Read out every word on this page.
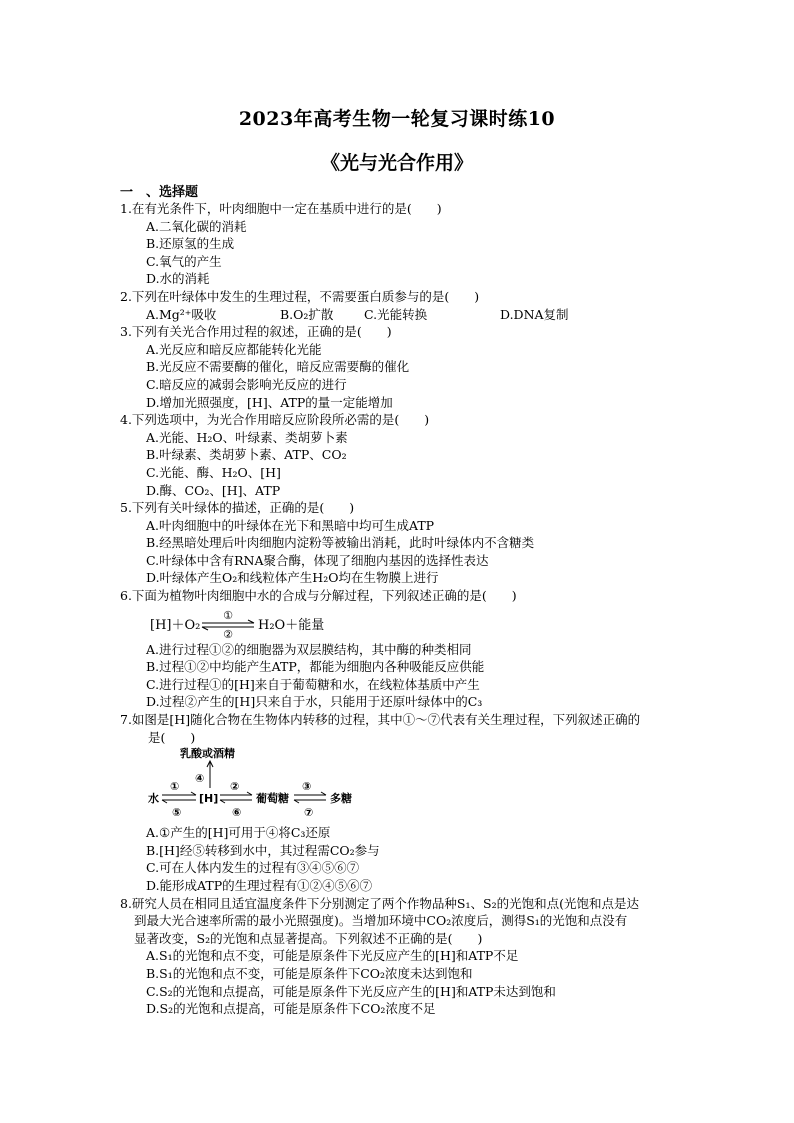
2023年高考生物一轮复习课时练10
《光与光合作用》
一　、选择题

1.在有光条件下，叶肉细胞中一定在基质中进行的是(　　)

A.二氧化碳的消耗

B.还原氢的生成

C.氧气的产生

D.水的消耗

2.下列在叶绿体中发生的生理过程，不需要蛋白质参与的是(　　)

A.Mg²⁺吸收	B.O₂扩散	C.光能转换	D.DNA复制

3.下列有关光合作用过程的叙述，正确的是(　　)

A.光反应和暗反应都能转化光能

B.光反应不需要酶的催化，暗反应需要酶的催化

C.暗反应的减弱会影响光反应的进行

D.增加光照强度，[H]、ATP的量一定能增加

4.下列选项中，为光合作用暗反应阶段所必需的是(　　)

A.光能、H₂O、叶绿素、类胡萝卜素

B.叶绿素、类胡萝卜素、ATP、CO₂

C.光能、酶、H₂O、[H]

D.酶、CO₂、[H]、ATP

5.下列有关叶绿体的描述，正确的是(　　)

A.叶肉细胞中的叶绿体在光下和黑暗中均可生成ATP

B.经黑暗处理后叶肉细胞内淀粉等被输出消耗，此时叶绿体内不含糖类

C.叶绿体中含有RNA聚合酶，体现了细胞内基因的选择性表达

D.叶绿体产生O₂和线粒体产生H₂O均在生物膜上进行

6.下面为植物叶肉细胞中水的合成与分解过程，下列叙述正确的是(　　)

[H]＋O₂
①
②
H₂O＋能量

A.进行过程①②的细胞器为双层膜结构，其中酶的种类相同

B.过程①②中均能产生ATP，都能为细胞内各种吸能反应供能

C.进行过程①的[H]来自于葡萄糖和水，在线粒体基质中产生

D.过程②产生的[H]只来自于水，只能用于还原叶绿体中的C₃

7.如图是[H]随化合物在生物体内转移的过程，其中①～⑦代表有关生理过程，下列叙述正确的

是(　　)

乳酸或酒精
④
水
①
⑤
[H]
②
⑥
葡萄糖
③
⑦
多糖

A.①产生的[H]可用于④将C₃还原

B.[H]经⑤转移到水中，其过程需CO₂参与

C.可在人体内发生的过程有③④⑤⑥⑦

D.能形成ATP的生理过程有①②④⑤⑥⑦

8.研究人员在相同且适宜温度条件下分别测定了两个作物品种S₁、S₂的光饱和点(光饱和点是达

到最大光合速率所需的最小光照强度)。当增加环境中CO₂浓度后，测得S₁的光饱和点没有

显著改变，S₂的光饱和点显著提高。下列叙述不正确的是(　　)

A.S₁的光饱和点不变，可能是原条件下光反应产生的[H]和ATP不足

B.S₁的光饱和点不变，可能是原条件下CO₂浓度未达到饱和

C.S₂的光饱和点提高，可能是原条件下光反应产生的[H]和ATP未达到饱和

D.S₂的光饱和点提高，可能是原条件下CO₂浓度不足
